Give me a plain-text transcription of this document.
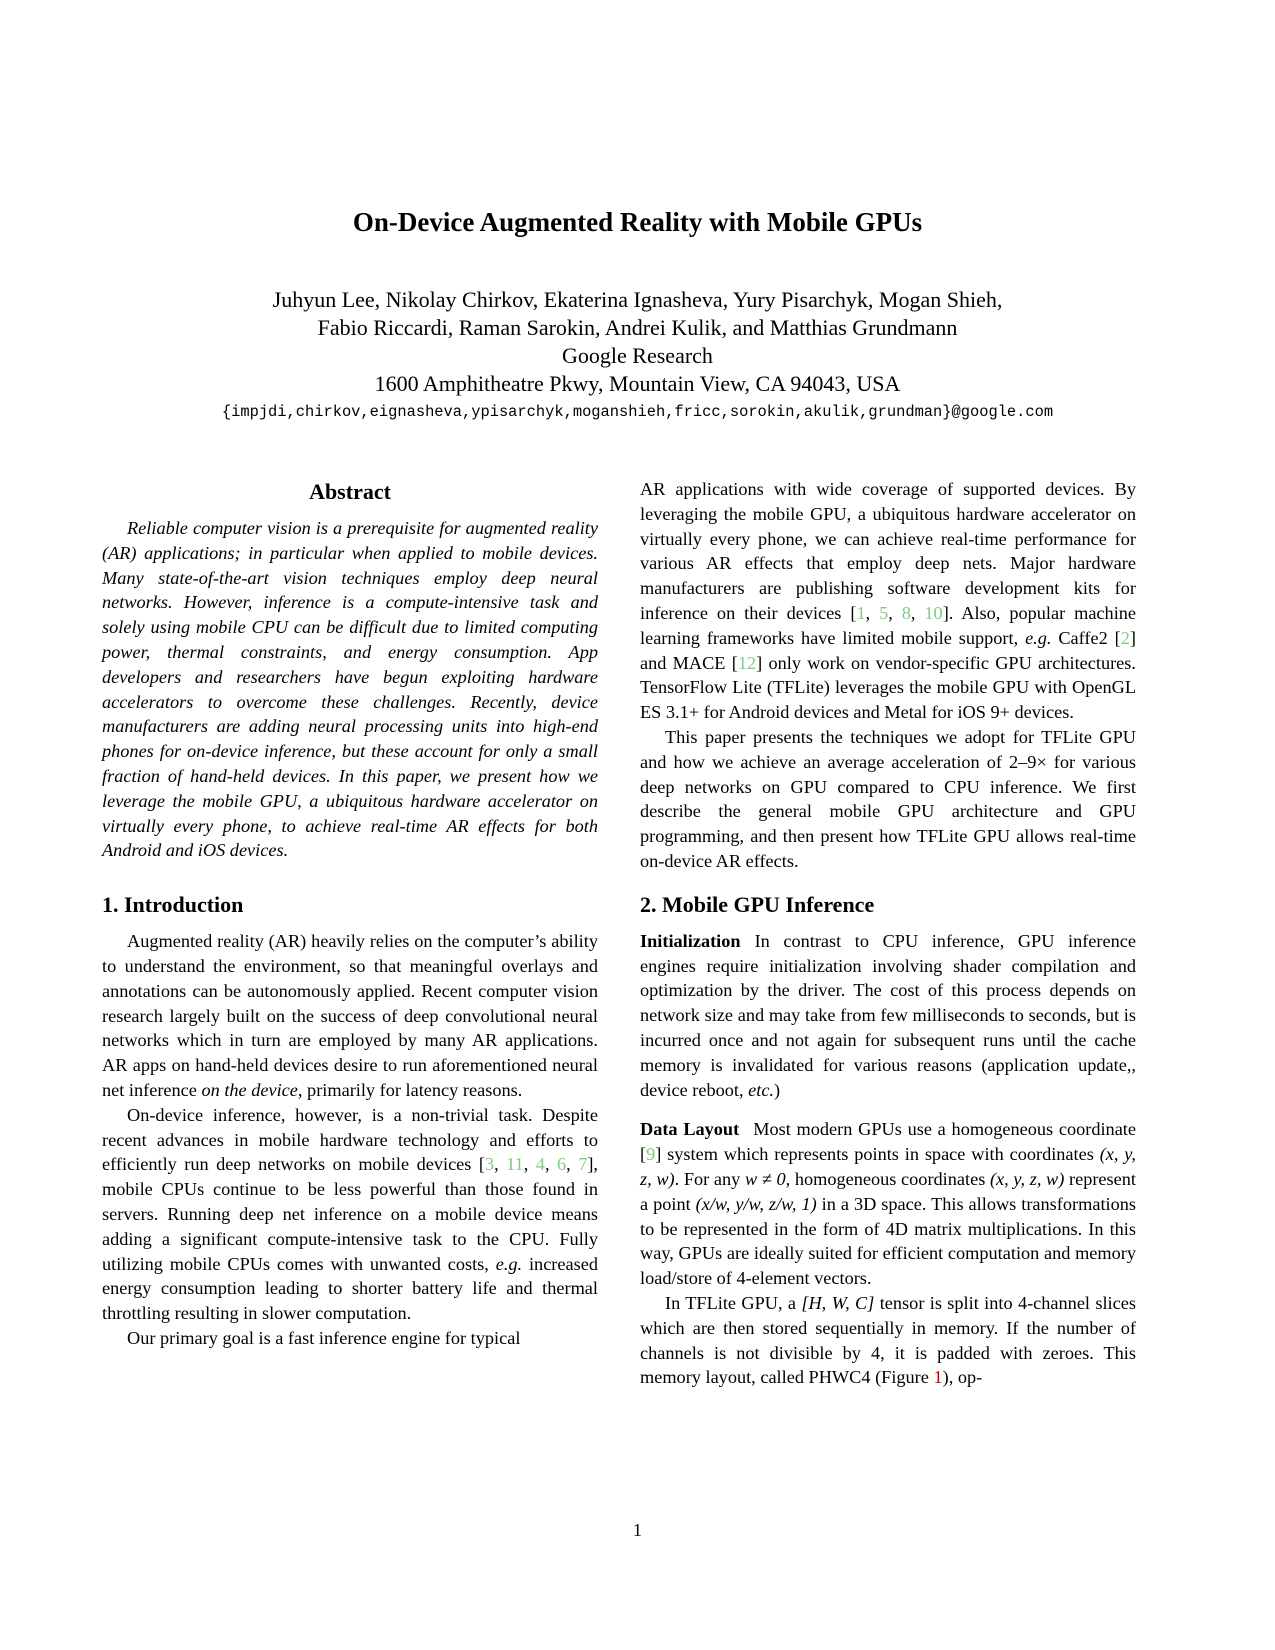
On-Device Augmented Reality with Mobile GPUs
Juhyun Lee, Nikolay Chirkov, Ekaterina Ignasheva, Yury Pisarchyk, Mogan Shieh,
Fabio Riccardi, Raman Sarokin, Andrei Kulik, and Matthias Grundmann
Google Research
1600 Amphitheatre Pkwy, Mountain View, CA 94043, USA
{impjdi,chirkov,eignasheva,ypisarchyk,moganshieh,fricc,sorokin,akulik,grundman}@google.com
Abstract

Reliable computer vision is a prerequisite for augmented reality (AR) applications; in particular when applied to mobile devices. Many state-of-the-art vision techniques employ deep neural networks. However, inference is a compute-intensive task and solely using mobile CPU can be difficult due to limited computing power, thermal constraints, and energy consumption. App developers and researchers have begun exploiting hardware accelerators to overcome these challenges. Recently, device manufacturers are adding neural processing units into high-end phones for on-device inference, but these account for only a small fraction of hand-held devices. In this paper, we present how we leverage the mobile GPU, a ubiquitous hardware accelerator on virtually every phone, to achieve real-time AR effects for both Android and iOS devices.

1. Introduction

Augmented reality (AR) heavily relies on the computer’s ability to understand the environment, so that meaningful overlays and annotations can be autonomously applied. Recent computer vision research largely built on the success of deep convolutional neural networks which in turn are employed by many AR applications. AR apps on hand-held devices desire to run aforementioned neural net inference on the device, primarily for latency reasons.

On-device inference, however, is a non-trivial task. Despite recent advances in mobile hardware technology and efforts to efficiently run deep networks on mobile devices [3, 11, 4, 6, 7], mobile CPUs continue to be less powerful than those found in servers. Running deep net inference on a mobile device means adding a significant compute-intensive task to the CPU. Fully utilizing mobile CPUs comes with unwanted costs, e.g. increased energy consumption leading to shorter battery life and thermal throttling resulting in slower computation.

Our primary goal is a fast inference engine for typical

AR applications with wide coverage of supported devices. By leveraging the mobile GPU, a ubiquitous hardware accelerator on virtually every phone, we can achieve real-time performance for various AR effects that employ deep nets. Major hardware manufacturers are publishing software development kits for inference on their devices [1, 5, 8, 10]. Also, popular machine learning frameworks have limited mobile support, e.g. Caffe2 [2] and MACE [12] only work on vendor-specific GPU architectures. TensorFlow Lite (TFLite) leverages the mobile GPU with OpenGL ES 3.1+ for Android devices and Metal for iOS 9+ devices.

This paper presents the techniques we adopt for TFLite GPU and how we achieve an average acceleration of 2–9× for various deep networks on GPU compared to CPU inference. We first describe the general mobile GPU architecture and GPU programming, and then present how TFLite GPU allows real-time on-device AR effects.

2. Mobile GPU Inference

Initialization In contrast to CPU inference, GPU inference engines require initialization involving shader compilation and optimization by the driver. The cost of this process depends on network size and may take from few milliseconds to seconds, but is incurred once and not again for subsequent runs until the cache memory is invalidated for various reasons (application update,, device reboot, etc.)

Data Layout Most modern GPUs use a homogeneous coordinate [9] system which represents points in space with coordinates (x, y, z, w). For any w ≠ 0, homogeneous coordinates (x, y, z, w) represent a point (x/w, y/w, z/w, 1) in a 3D space. This allows transformations to be represented in the form of 4D matrix multiplications. In this way, GPUs are ideally suited for efficient computation and memory load/store of 4-element vectors.

In TFLite GPU, a [H, W, C] tensor is split into 4-channel slices which are then stored sequentially in memory. If the number of channels is not divisible by 4, it is padded with zeroes. This memory layout, called PHWC4 (Figure 1), op-

1
